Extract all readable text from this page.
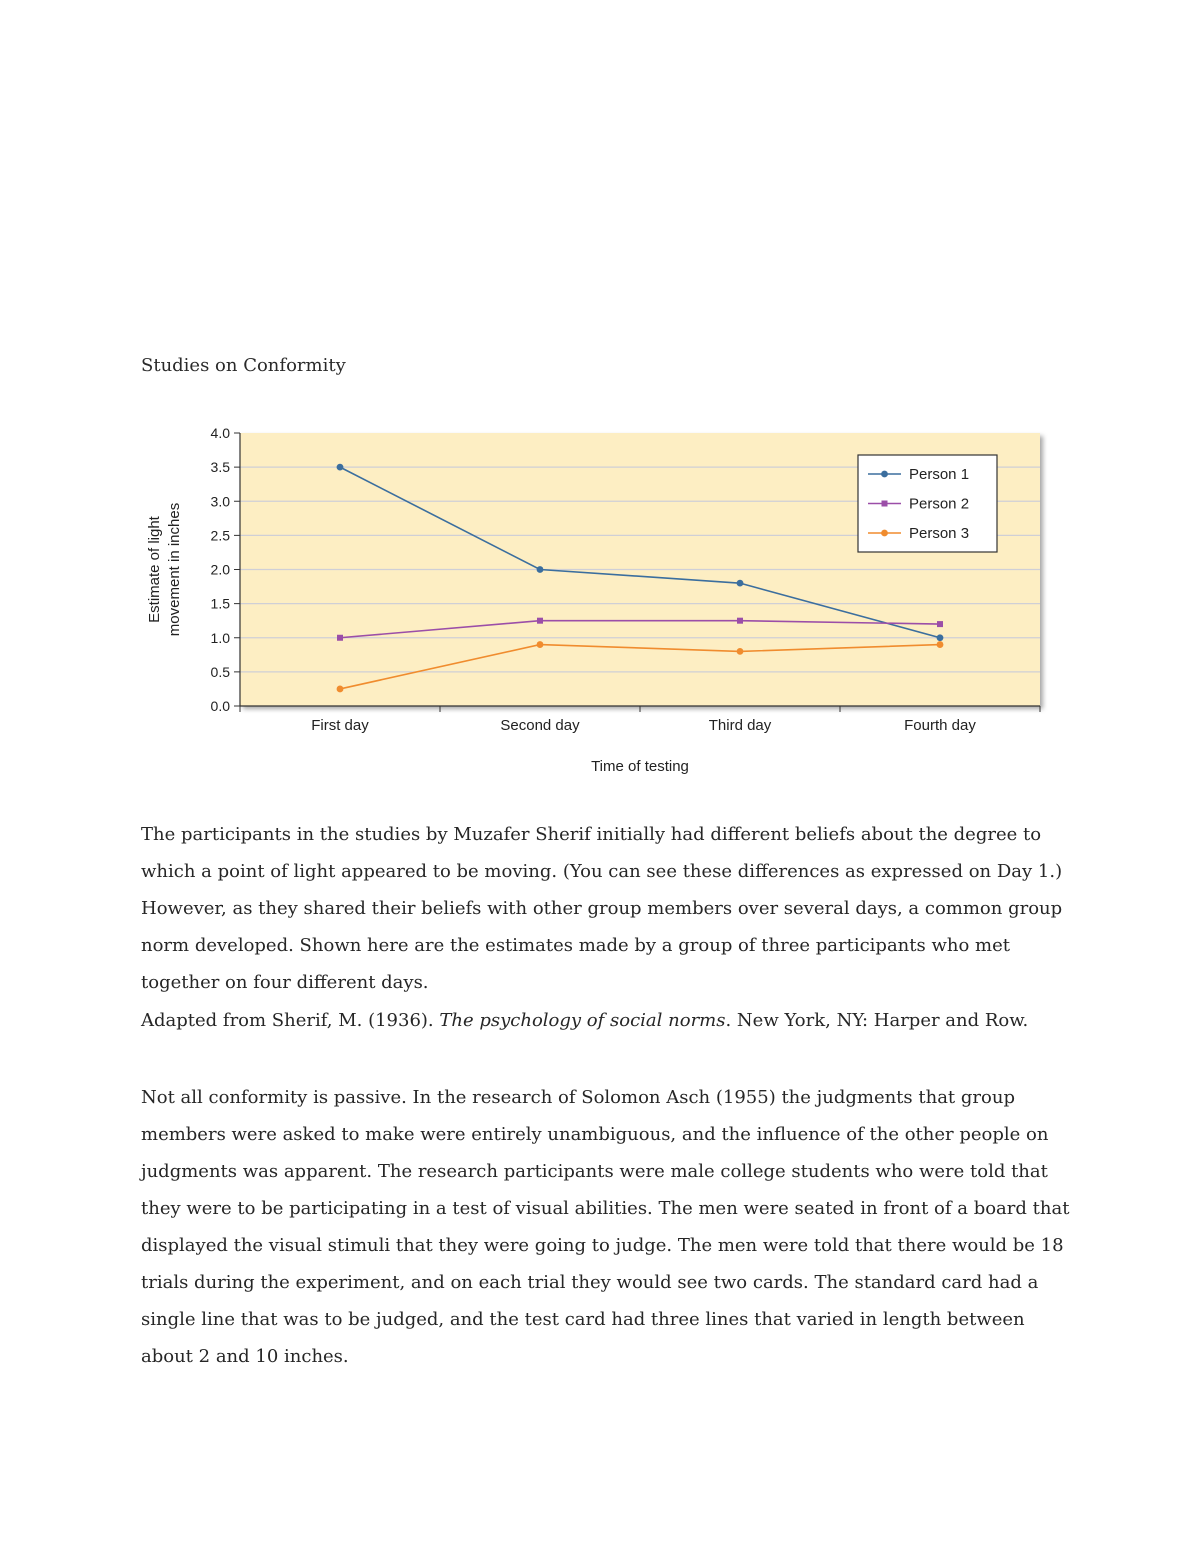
Studies on Conformity
0.0
0.5
1.0
1.5
2.0
2.5
3.0
3.5
4.0
First day	Second day	Third day	Fourth day
Person 1
Person 2
Person 3
Time of testing
Estimate of light movement in inches
The participants in the studies by Muzafer Sherif initially had different beliefs about the degree to which a point of light appeared to be moving. (You can see these differences as expressed on Day 1.) However, as they shared their beliefs with other group members over several days, a common group norm developed. Shown here are the estimates made by a group of three participants who met together on four different days.
Adapted from Sherif, M. (1936). The psychology of social norms. New York, NY: Harper and Row.
Not all conformity is passive. In the research of Solomon Asch (1955) the judgments that group members were asked to make were entirely unambiguous, and the influence of the other people on judgments was apparent. The research participants were male college students who were told that they were to be participating in a test of visual abilities. The men were seated in front of a board that displayed the visual stimuli that they were going to judge. The men were told that there would be 18 trials during the experiment, and on each trial they would see two cards. The standard card had a single line that was to be judged, and the test card had three lines that varied in length between about 2 and 10 inches.
